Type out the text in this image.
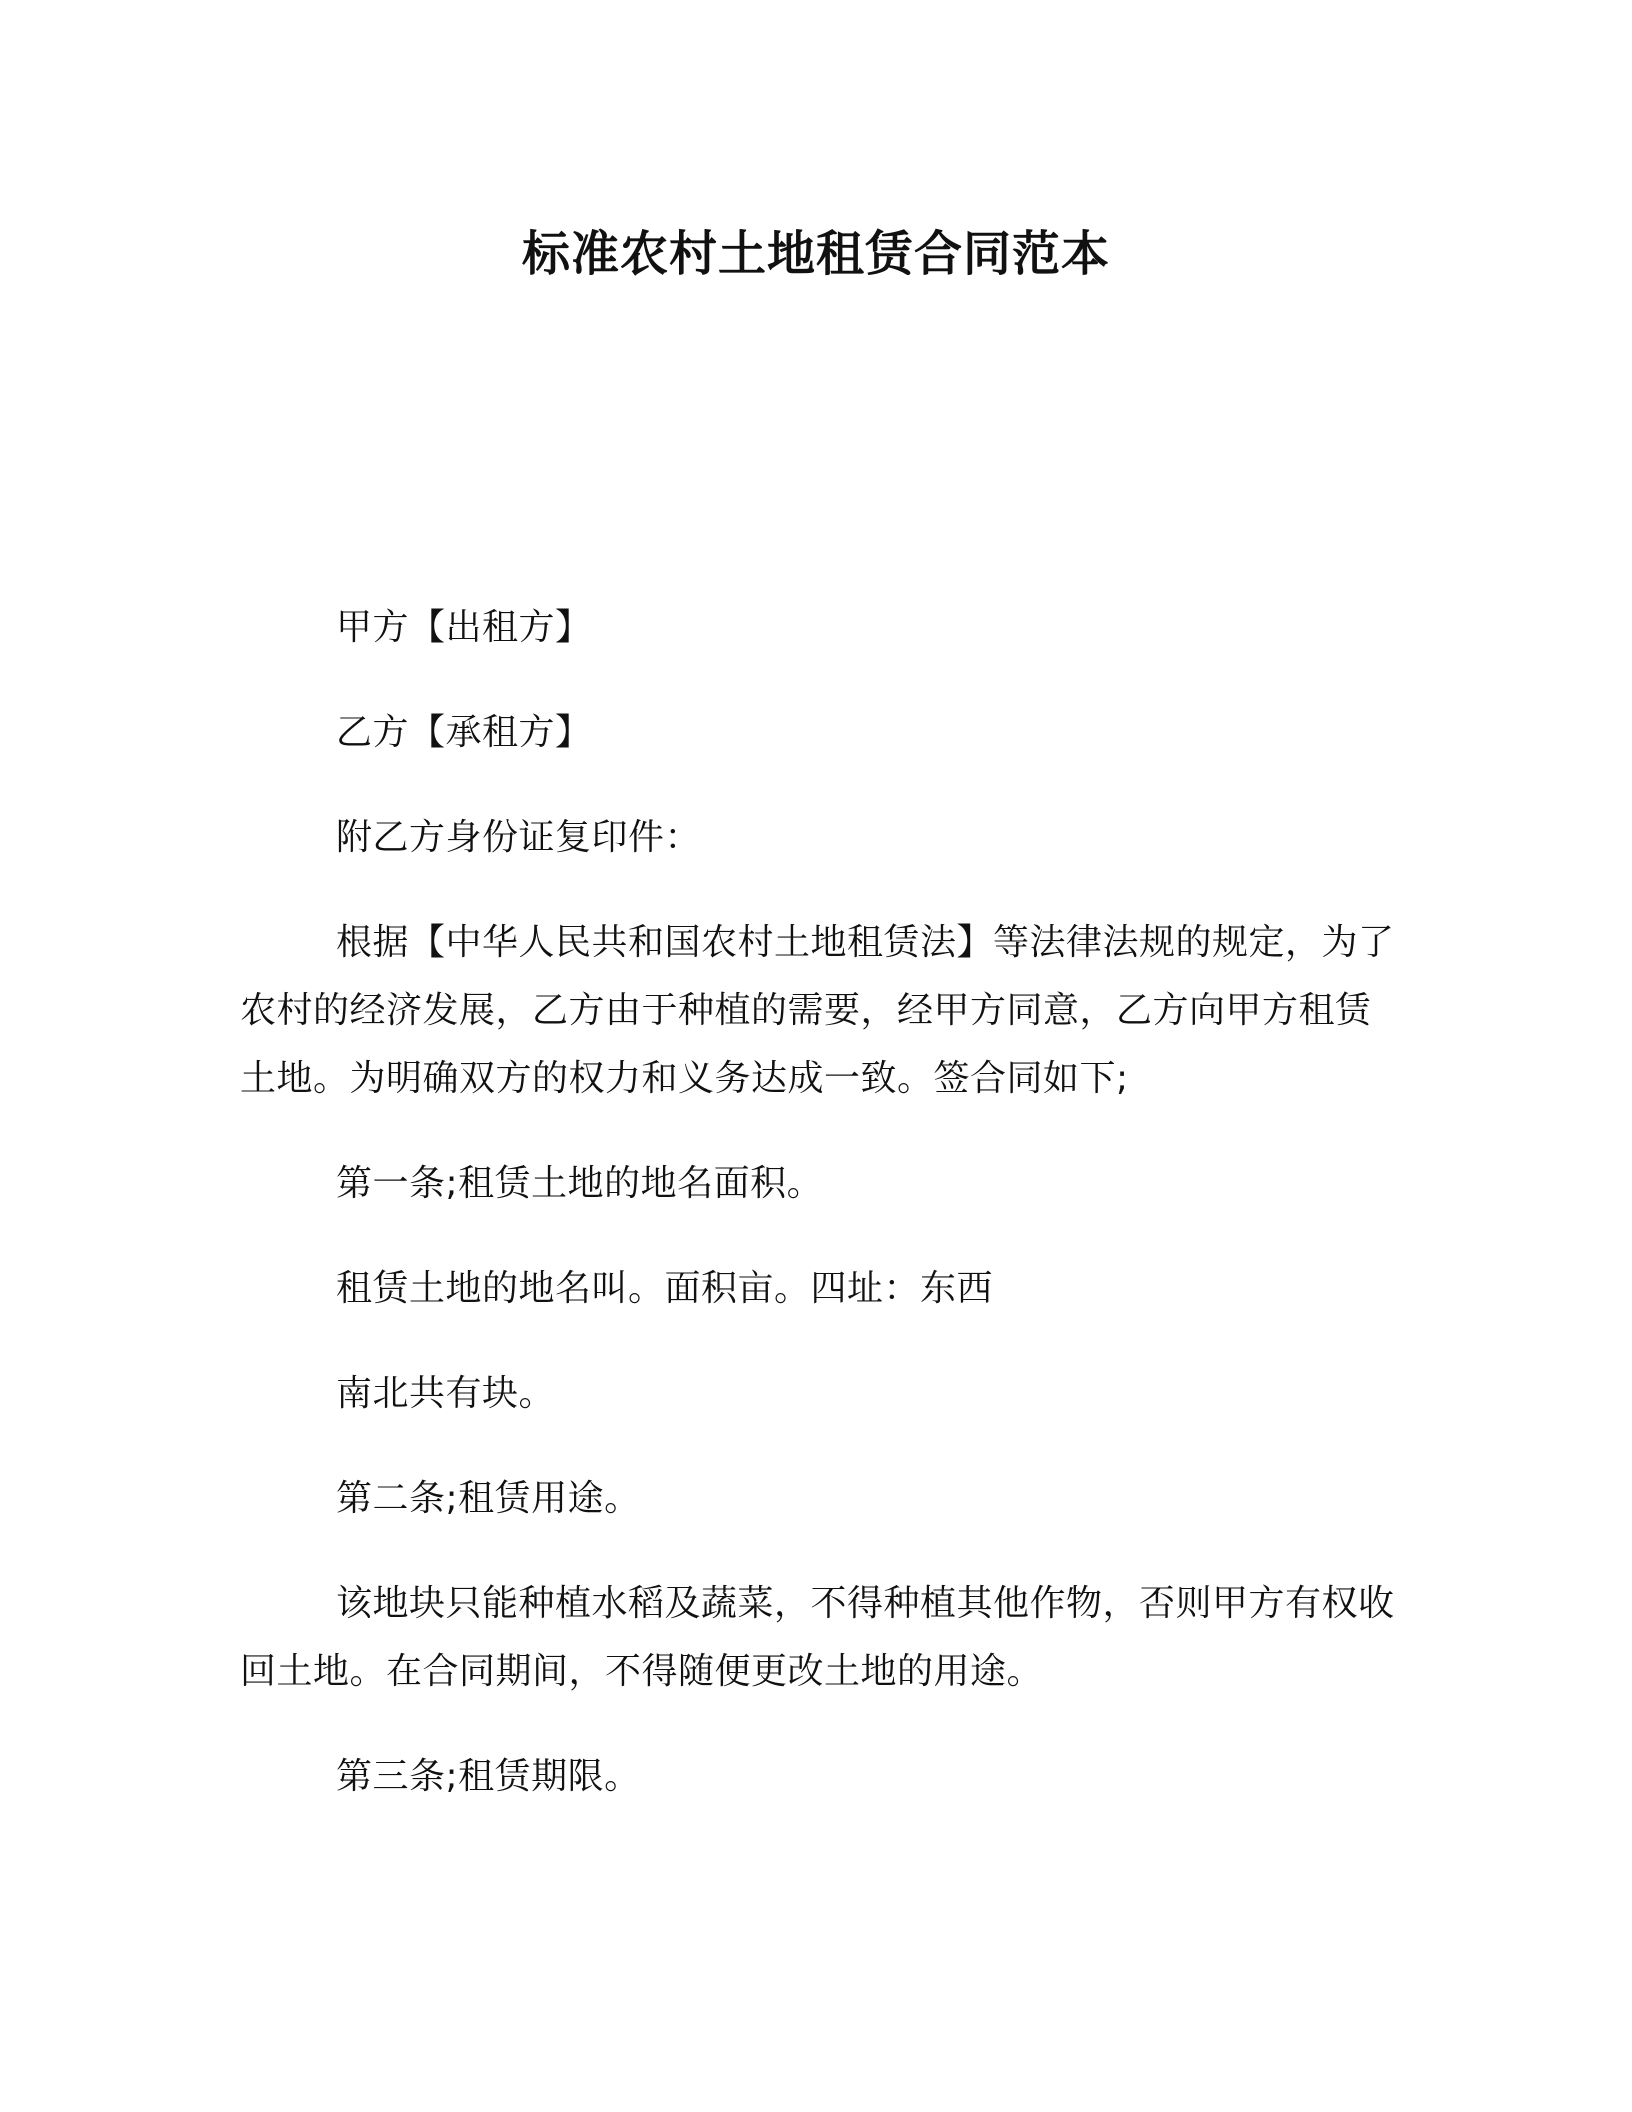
标准农村土地租赁合同范本

甲方【出租方】

乙方【承租方】

附乙方身份证复印件：

根据【中华人民共和国农村土地租赁法】等法律法规的规定，为了农村的经济发展，乙方由于种植的需要，经甲方同意，乙方向甲方租赁土地。为明确双方的权力和义务达成一致。签合同如下;

第一条;租赁土地的地名面积。

租赁土地的地名叫。面积亩。四址：东西

南北共有块。

第二条;租赁用途。

该地块只能种植水稻及蔬菜，不得种植其他作物，否则甲方有权收回土地。在合同期间，不得随便更改土地的用途。

第三条;租赁期限。
